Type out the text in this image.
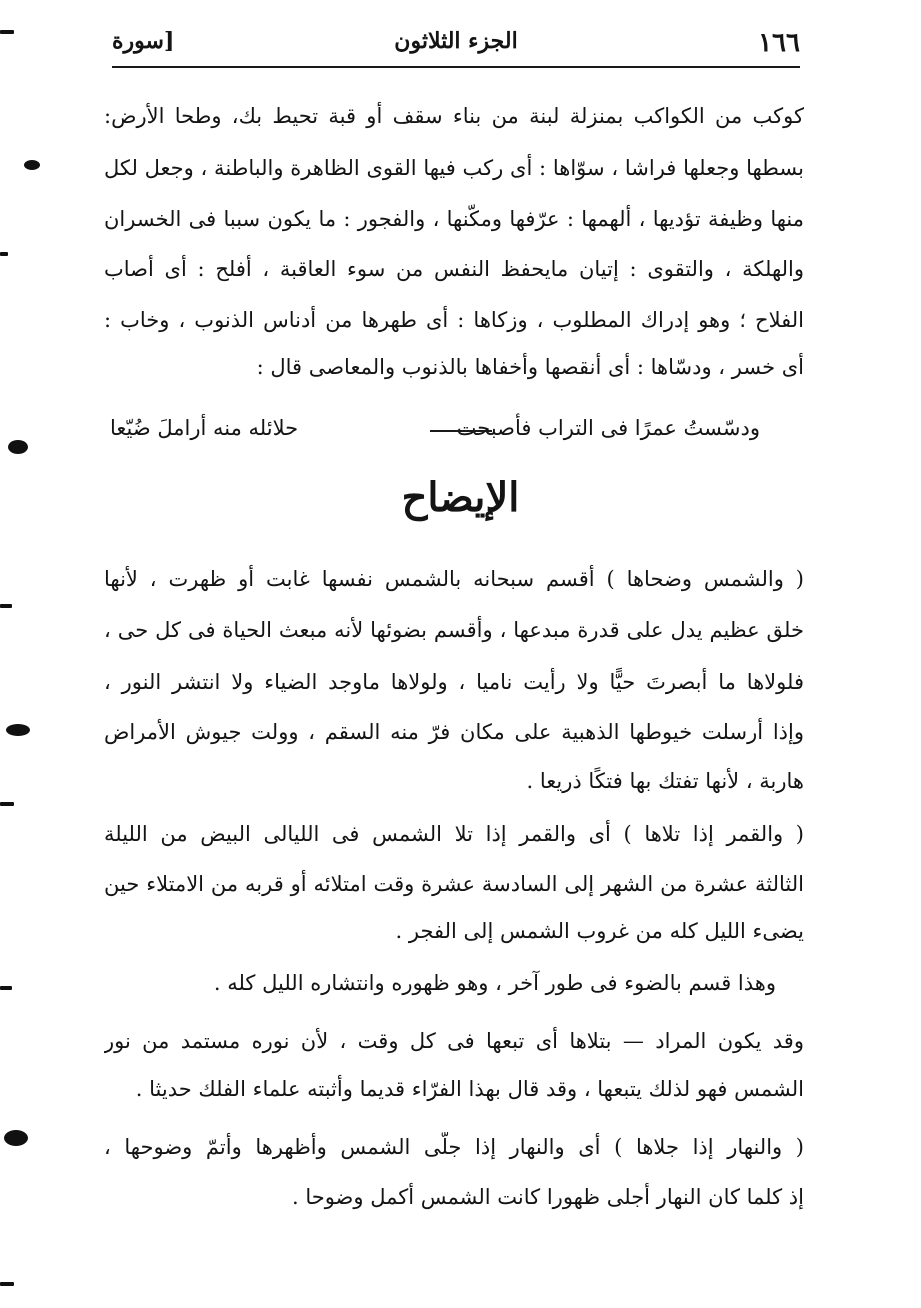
١٦٦
الجزء الثلاثون
[سورة
كوكب من الكواكب بمنزلة لبنة من بناء سقف أو قبة تحيط بك، وطحا الأرض:
بسطها وجعلها فراشا ، سوّاها : أى ركب فيها القوى الظاهرة والباطنة ، وجعل لكل
منها وظيفة تؤديها ، ألهمها : عرّفها ومكّنها ، والفجور : ما يكون سببا فى الخسران
والهلكة ، والتقوى : إتيان مايحفظ النفس من سوء العاقبة ، أفلح : أى أصاب
الفلاح ؛ وهو إدراك المطلوب ، وزكاها : أى طهرها من أدناس الذنوب ، وخاب :
أى خسر ، ودسّاها : أى أنقصها وأخفاها بالذنوب والمعاصى قال :
ودسّستُ عمرًا فى التراب فأصبحت
حلائله منه أراملَ ضُيّعا
الإيضاح
( والشمس وضحاها ) أقسم سبحانه بالشمس نفسها غابت أو ظهرت ، لأنها
خلق عظيم يدل على قدرة مبدعها ، وأقسم بضوئها لأنه مبعث الحياة فى كل حى ،
فلولاها ما أبصرتَ حيًّا ولا رأيت ناميا ، ولولاها ماوجد الضياء ولا انتشر النور ،
وإذا أرسلت خيوطها الذهبية على مكان فرّ منه السقم ، وولت جيوش الأمراض
هاربة ، لأنها تفتك بها فتكًا ذريعا .
( والقمر إذا تلاها ) أى والقمر إذا تلا الشمس فى الليالى البيض من الليلة
الثالثة عشرة من الشهر إلى السادسة عشرة وقت امتلائه أو قربه من الامتلاء حين
يضىء الليل كله من غروب الشمس إلى الفجر .
وهذا قسم بالضوء فى طور آخر ، وهو ظهوره وانتشاره الليل كله .
وقد يكون المراد — بتلاها أى تبعها فى كل وقت ، لأن نوره مستمد من نور
الشمس فهو لذلك يتبعها ، وقد قال بهذا الفرّاء قديما وأثبته علماء الفلك حديثا .
( والنهار إذا جلاها ) أى والنهار إذا جلّى الشمس وأظهرها وأتمّ وضوحها ،
إذ كلما كان النهار أجلى ظهورا كانت الشمس أكمل وضوحا .
